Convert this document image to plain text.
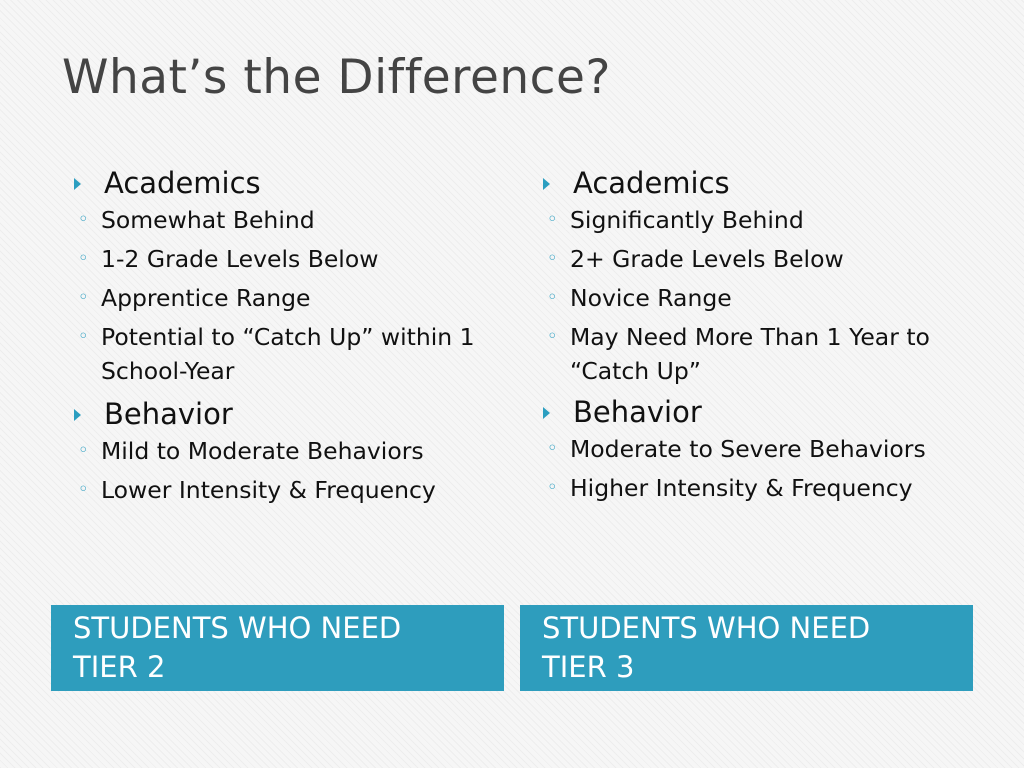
What’s the Difference?
Academics
◦
Somewhat Behind
◦
1-2 Grade Levels Below
◦
Apprentice Range
◦
Potential to “Catch Up” within 1 School-Year
Behavior
◦
Mild to Moderate Behaviors
◦
Lower Intensity & Frequency
Academics
◦
Significantly Behind
◦
2+ Grade Levels Below
◦
Novice Range
◦
May Need More Than 1 Year to “Catch Up”
Behavior
◦
Moderate to Severe Behaviors
◦
Higher Intensity & Frequency
STUDENTS WHO NEED
TIER 2
STUDENTS WHO NEED
TIER 3
